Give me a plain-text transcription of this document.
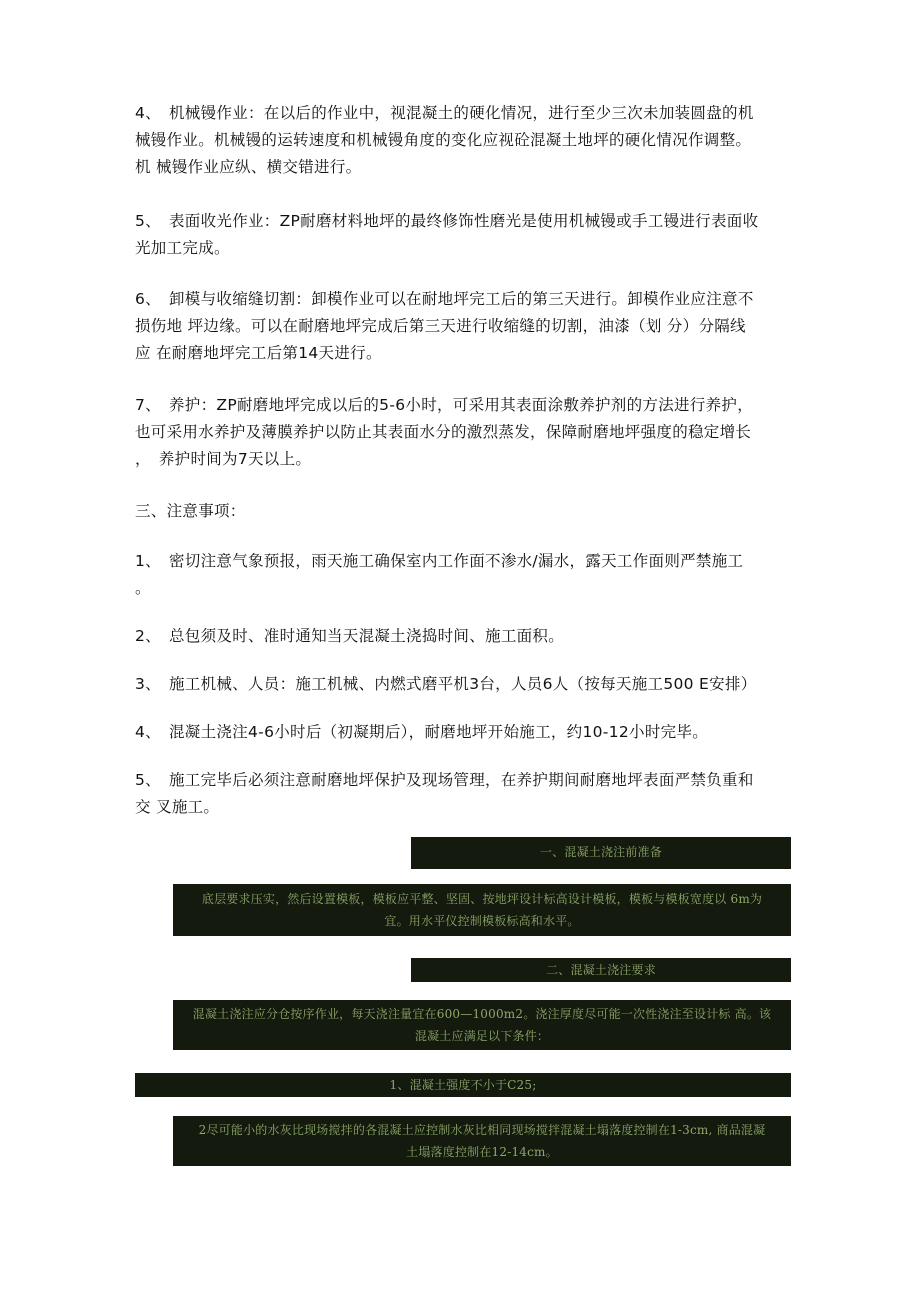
4、　机械镘作业：在以后的作业中，视混凝土的硬化情况，进行至少三次未加装圆盘的机
械镘作业。机械镘的运转速度和机械镘角度的变化应视砼混凝土地坪的硬化情况作调整。
机 械镘作业应纵、横交错进行。
5、　表面收光作业：ZP耐磨材料地坪的最终修饰性磨光是使用机械镘或手工镘进行表面收
光加工完成。
6、　卸模与收缩缝切割：卸模作业可以在耐地坪完工后的第三天进行。卸模作业应注意不
损伤地 坪边缘。可以在耐磨地坪完成后第三天进行收缩缝的切割，油漆（划 分）分隔线
应 在耐磨地坪完工后第14天进行。
7、　养护：ZP耐磨地坪完成以后的5-6小时，可采用其表面涂敷养护剂的方法进行养护，
也可采用水养护及薄膜养护以防止其表面水分的激烈蒸发，保障耐磨地坪强度的稳定增长
，　养护时间为7天以上。
三、注意事项：
1、　密切注意气象预报，雨天施工确保室内工作面不渗水/漏水，露天工作面则严禁施工
。
2、　总包须及时、准时通知当天混凝土浇捣时间、施工面积。
3、　施工机械、人员：施工机械、内燃式磨平机3台，人员6人（按每天施工500 E安排）
4、　混凝土浇注4-6小时后（初凝期后），耐磨地坪开始施工，约10-12小时完毕。
5、　施工完毕后必须注意耐磨地坪保护及现场管理，在养护期间耐磨地坪表面严禁负重和
交 叉施工。
一、混凝土浇注前准备
底层要求压实，然后设置模板，模板应平整、坚固、按地坪设计标高设计模板，模板与模板宽度以 6m为
宜。用水平仪控制模板标高和水平。
二、混凝土浇注要求
混凝土浇注应分仓按序作业，每天浇注量宜在600—1000m2。浇注厚度尽可能一次性浇注至设计标 高。该
混凝土应满足以下条件：
1、混凝土强度不小于C25;
2尽可能小的水灰比现场搅拌的各混凝土应控制水灰比相同现场搅拌混凝土塌落度控制在1-3cm, 商品混凝
土塌落度控制在12-14cm。
